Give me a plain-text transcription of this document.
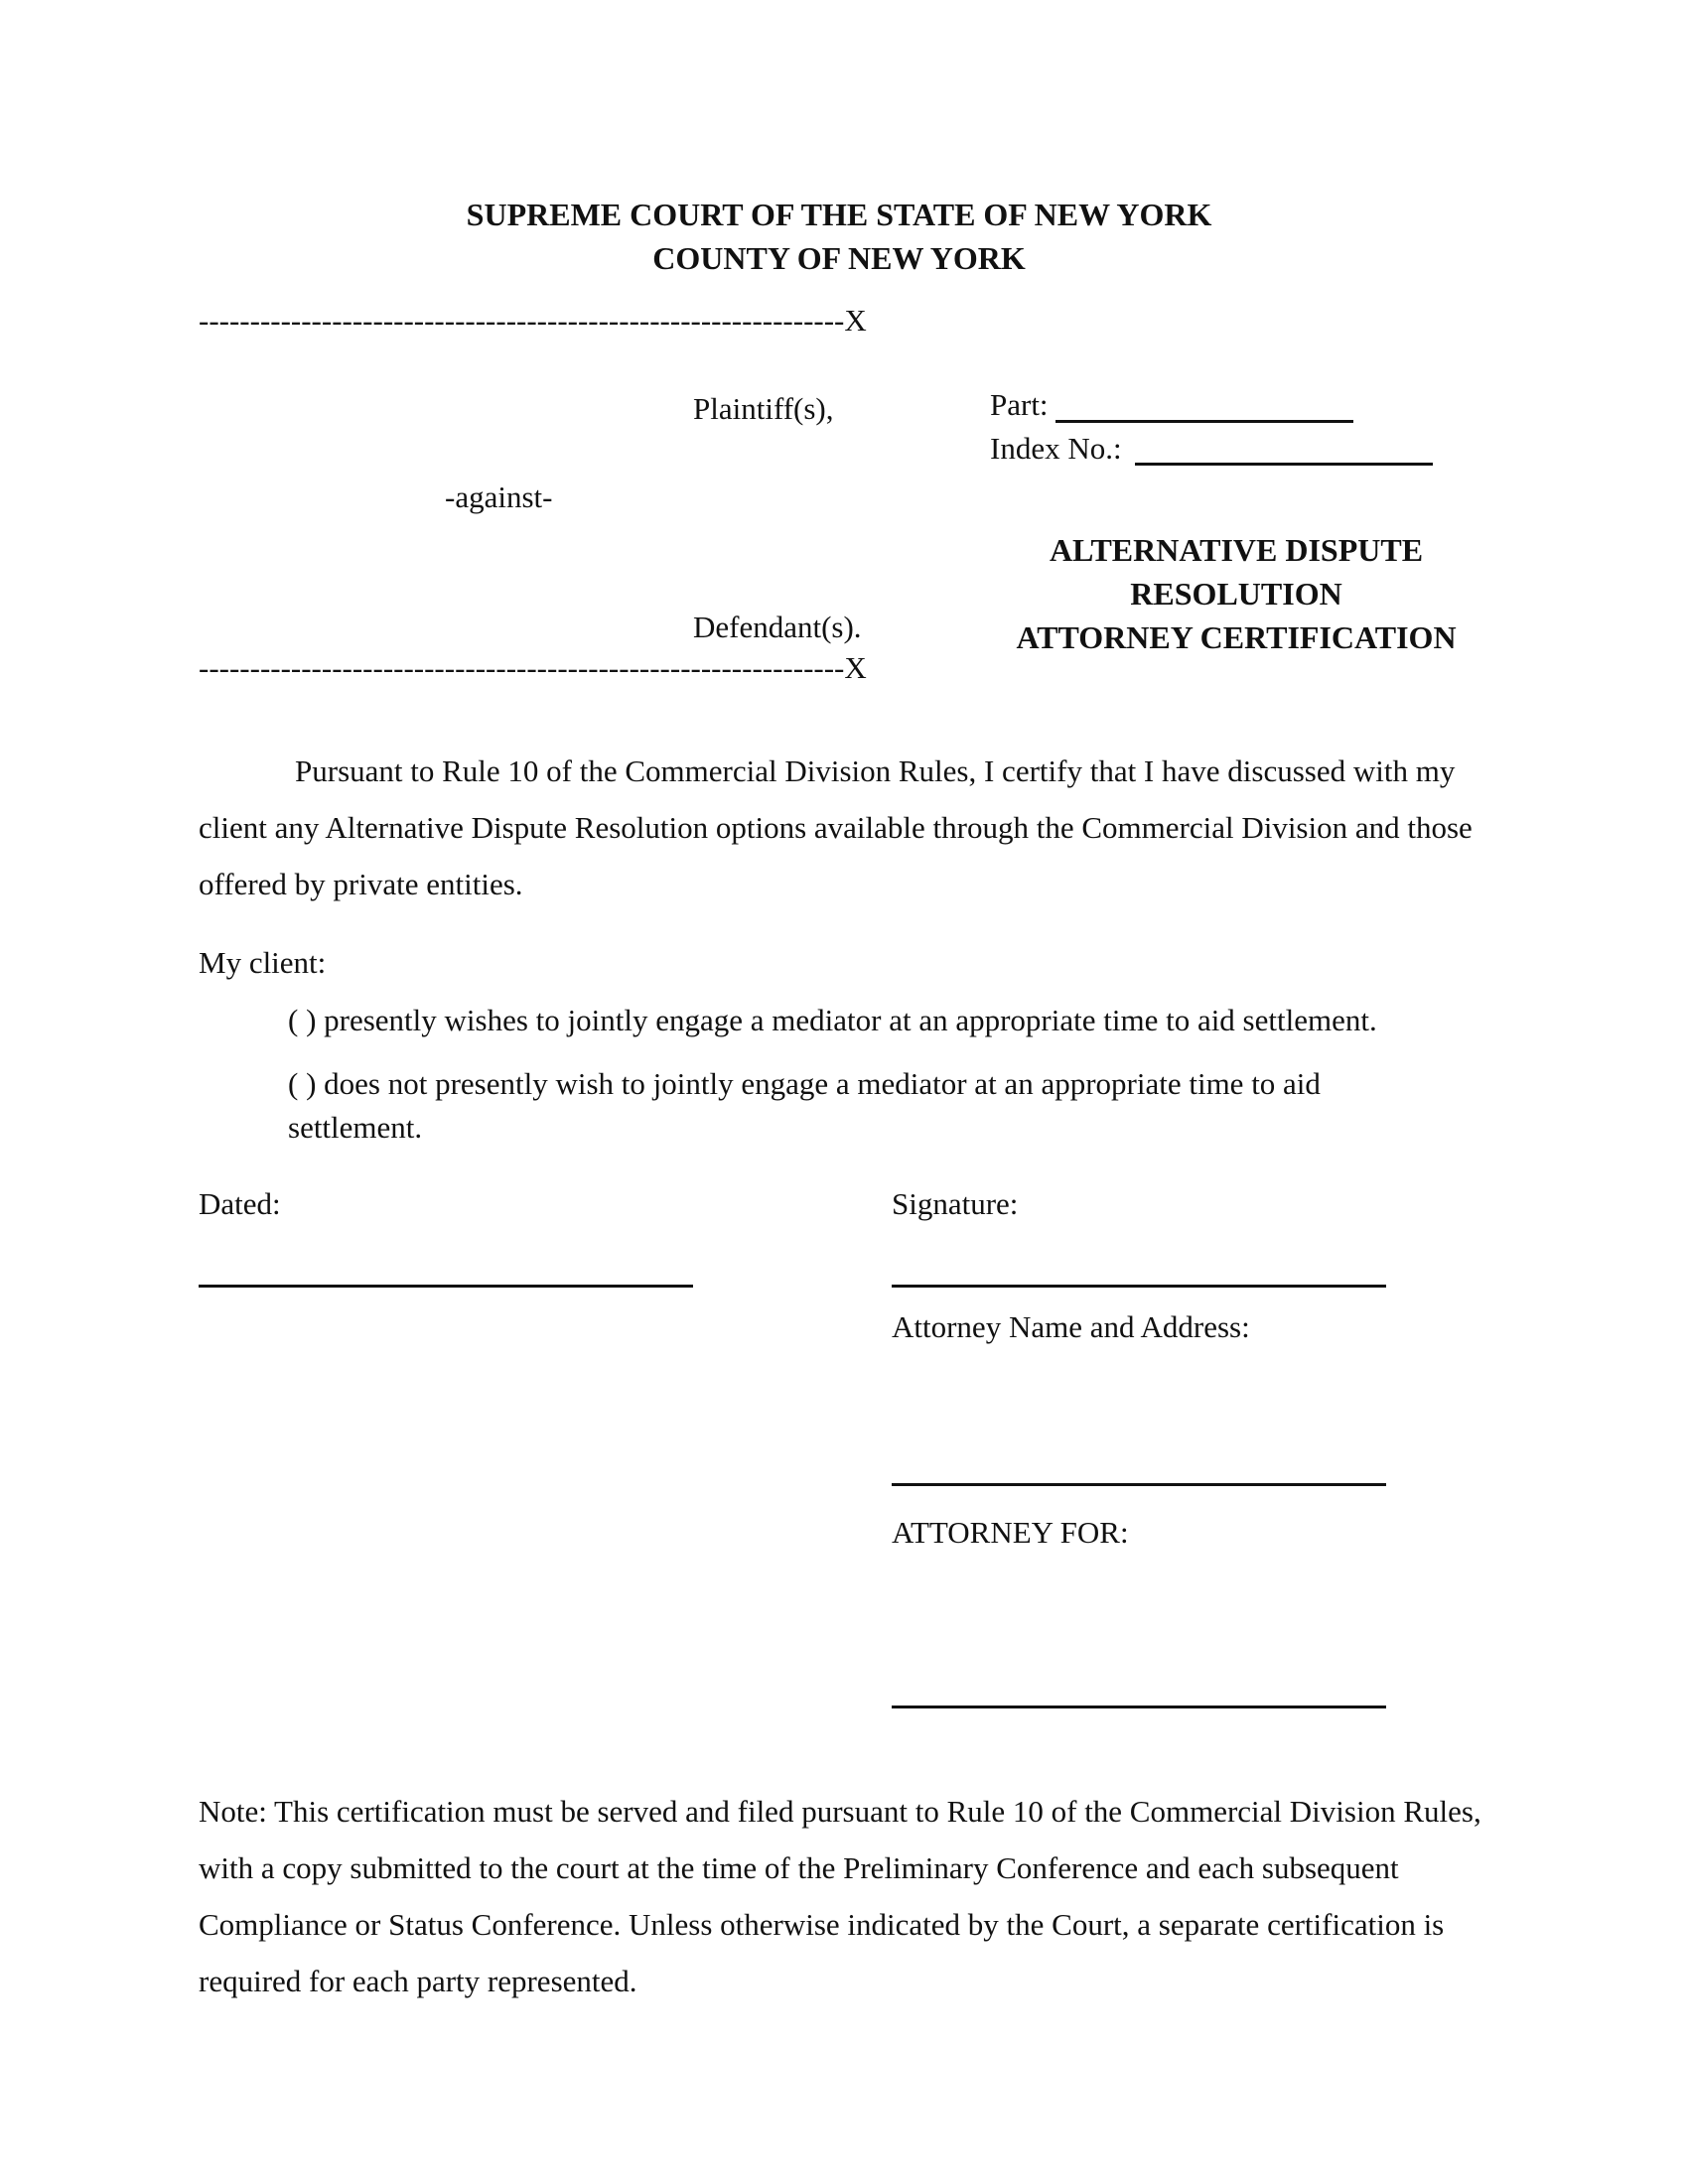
SUPREME COURT OF THE STATE OF NEW YORK
COUNTY OF NEW YORK
---------------------------------------------------------------X
---------------------------------------------------------------X
Plaintiff(s),
-against-
Defendant(s).
Part:
Index No.:
ALTERNATIVE DISPUTE
RESOLUTION
ATTORNEY CERTIFICATION
Pursuant to Rule 10 of the Commercial Division Rules, I certify that I have discussed with my client any Alternative Dispute Resolution options available through the Commercial Division and those offered by private entities.
My client:
( ) presently wishes to jointly engage a mediator at an appropriate time to aid settlement.
( ) does not presently wish to jointly engage a mediator at an appropriate time to aid settlement.
Dated:	Signature:
Attorney Name and Address:
ATTORNEY FOR:
Note: This certification must be served and filed pursuant to Rule 10 of the Commercial Division Rules, with a copy submitted to the court at the time of the Preliminary Conference and each subsequent Compliance or Status Conference. Unless otherwise indicated by the Court, a separate certification is required for each party represented.
